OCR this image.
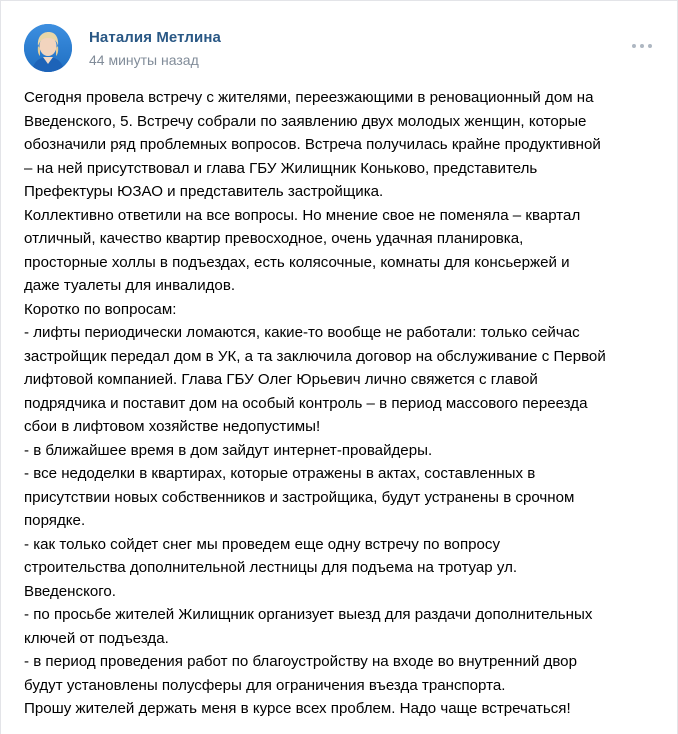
Наталия Метлина
44 минуты назад
Сегодня провела встречу с жителями, переезжающими в реновационный дом на
Введенского, 5. Встречу собрали по заявлению двух молодых женщин, которые
обозначили ряд проблемных вопросов. Встреча получилась крайне продуктивной
– на ней присутствовал и глава ГБУ Жилищник Коньково, представитель
Префектуры ЮЗАО и представитель застройщика.
Коллективно ответили на все вопросы. Но мнение свое не поменяла – квартал
отличный, качество квартир превосходное, очень удачная планировка,
просторные холлы в подъездах, есть колясочные, комнаты для консьержей и
даже туалеты для инвалидов.
Коротко по вопросам:
- лифты периодически ломаются, какие-то вообще не работали: только сейчас
застройщик передал дом в УК, а та заключила договор на обслуживание с Первой
лифтовой компанией. Глава ГБУ Олег Юрьевич лично свяжется с главой
подрядчика и поставит дом на особый контроль – в период массового переезда
сбои в лифтовом хозяйстве недопустимы!
- в ближайшее время в дом зайдут интернет-провайдеры.
- все недоделки в квартирах, которые отражены в актах, составленных в
присутствии новых собственников и застройщика, будут устранены в срочном
порядке.
- как только сойдет снег мы проведем еще одну встречу по вопросу
строительства дополнительной лестницы для подъема на тротуар ул.
Введенского.
- по просьбе жителей Жилищник организует выезд для раздачи дополнительных
ключей от подъезда.
- в период проведения работ по благоустройству на входе во внутренний двор
будут установлены полусферы для ограничения въезда транспорта.
Прошу жителей держать меня в курсе всех проблем. Надо чаще встречаться!
